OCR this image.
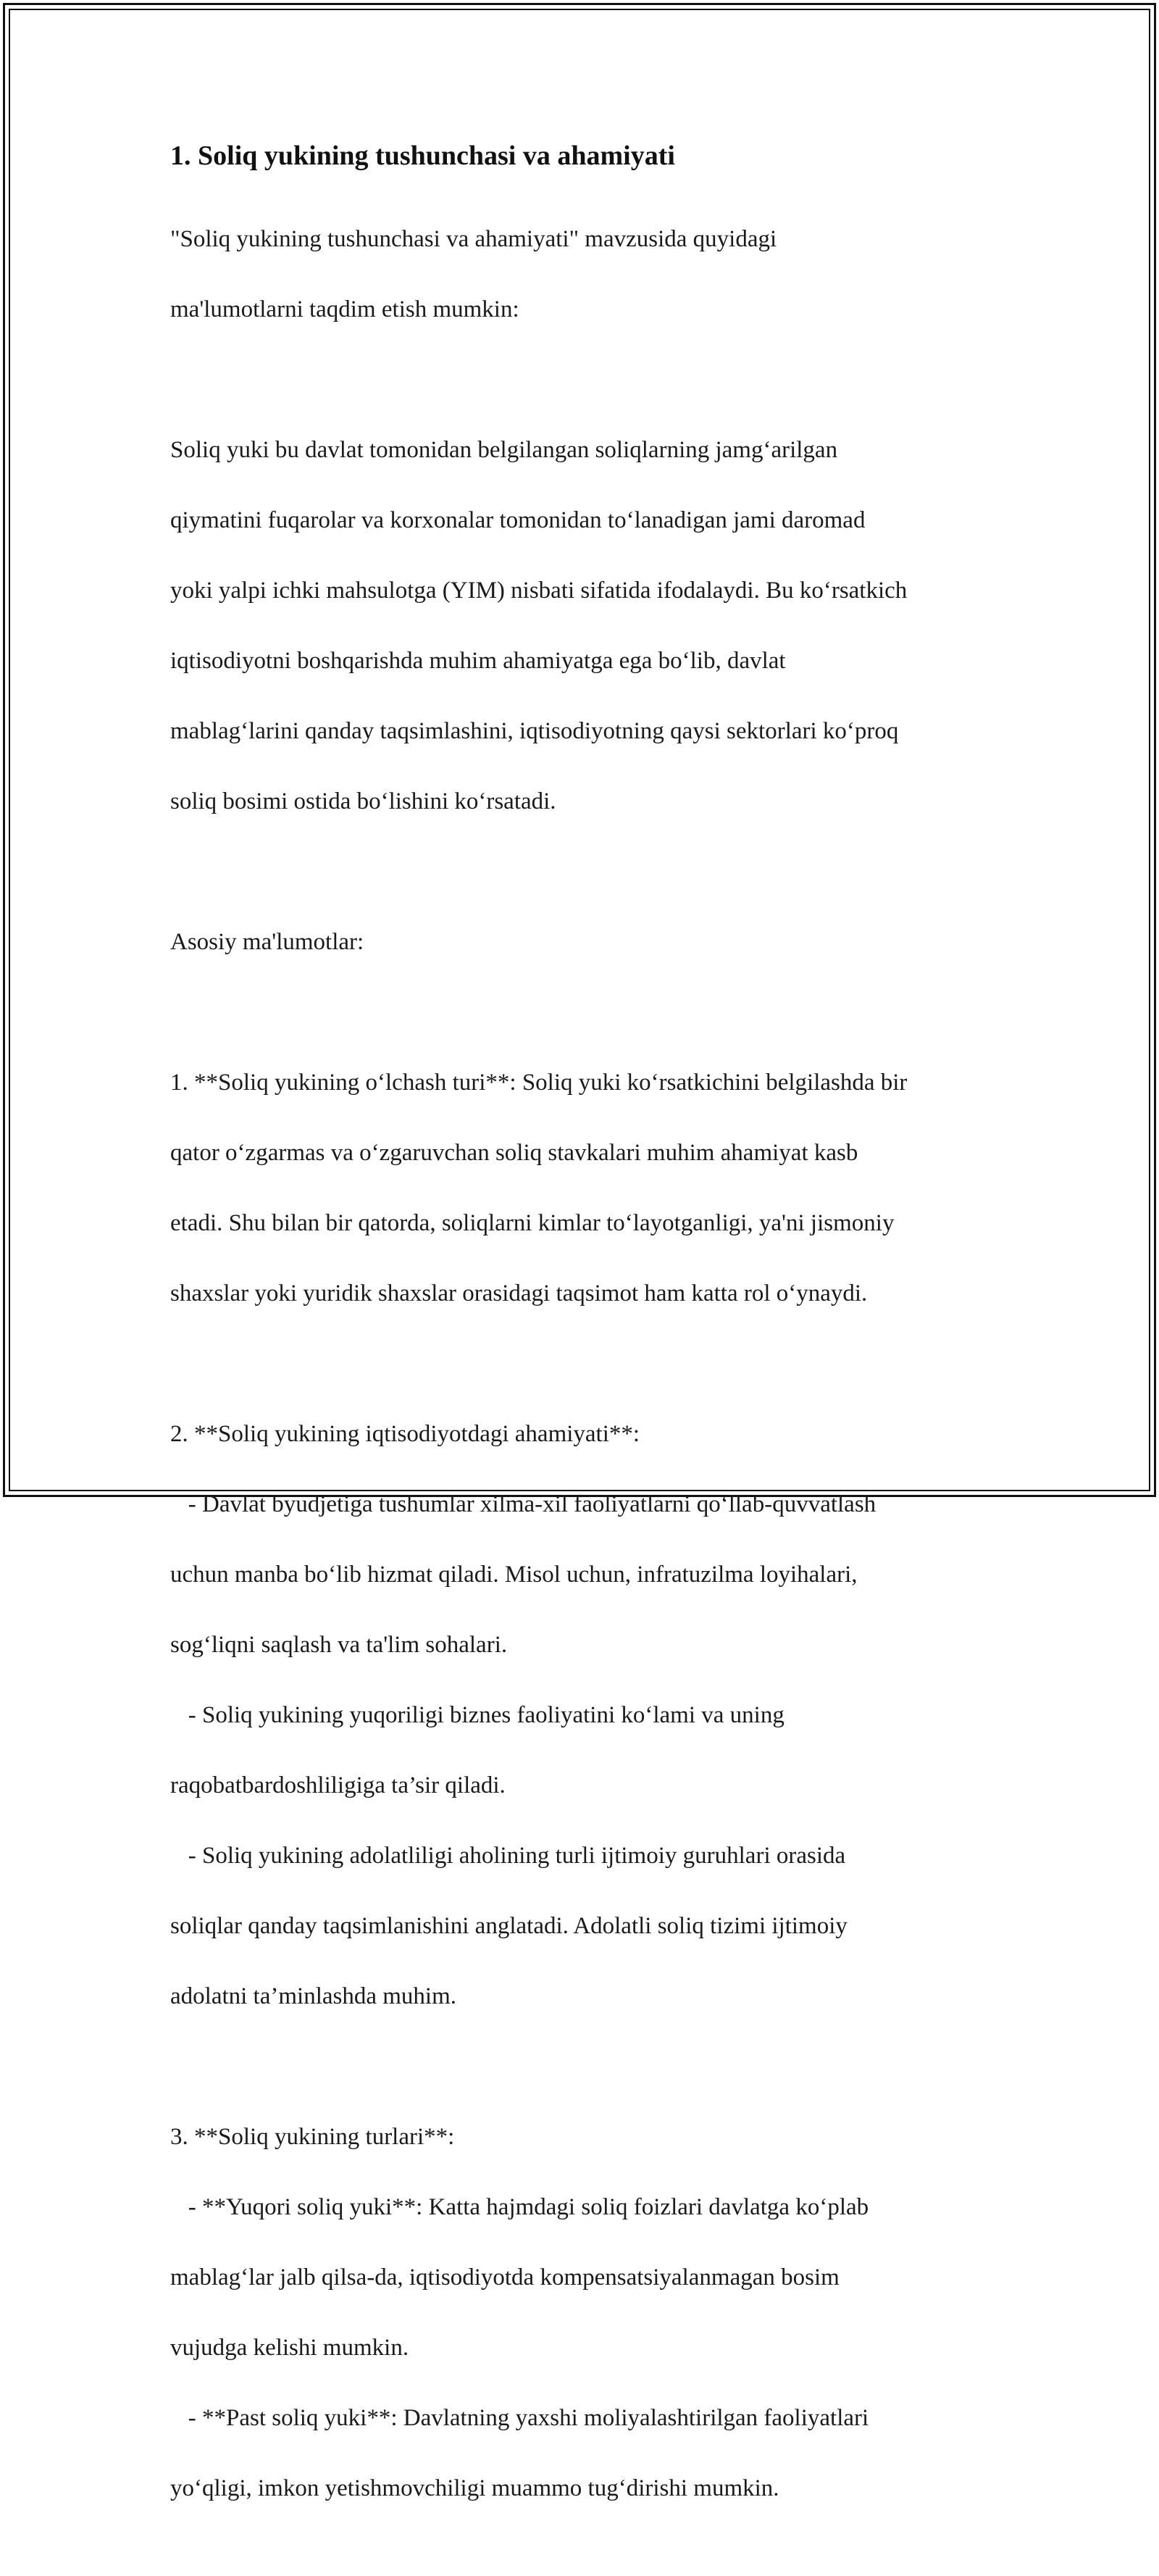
1. Soliq yukining tushunchasi va ahamiyati

"Soliq yukining tushunchasi va ahamiyati" mavzusida quyidagi

ma'lumotlarni taqdim etish mumkin:

Soliq yuki bu davlat tomonidan belgilangan soliqlarning jamg‘arilgan

qiymatini fuqarolar va korxonalar tomonidan to‘lanadigan jami daromad

yoki yalpi ichki mahsulotga (YIM) nisbati sifatida ifodalaydi. Bu ko‘rsatkich

iqtisodiyotni boshqarishda muhim ahamiyatga ega bo‘lib, davlat

mablag‘larini qanday taqsimlashini, iqtisodiyotning qaysi sektorlari ko‘proq

soliq bosimi ostida bo‘lishini ko‘rsatadi.

Asosiy ma'lumotlar:

1. **Soliq yukining o‘lchash turi**: Soliq yuki ko‘rsatkichini belgilashda bir

qator o‘zgarmas va o‘zgaruvchan soliq stavkalari muhim ahamiyat kasb

etadi. Shu bilan bir qatorda, soliqlarni kimlar to‘layotganligi, ya'ni jismoniy

shaxslar yoki yuridik shaxslar orasidagi taqsimot ham katta rol o‘ynaydi.

2. **Soliq yukining iqtisodiyotdagi ahamiyati**:

- Davlat byudjetiga tushumlar xilma-xil faoliyatlarni qo‘llab-quvvatlash

uchun manba bo‘lib hizmat qiladi. Misol uchun, infratuzilma loyihalari,

sog‘liqni saqlash va ta'lim sohalari.

- Soliq yukining yuqoriligi biznes faoliyatini ko‘lami va uning

raqobatbardoshliligiga ta’sir qiladi.

- Soliq yukining adolatliligi aholining turli ijtimoiy guruhlari orasida

soliqlar qanday taqsimlanishini anglatadi. Adolatli soliq tizimi ijtimoiy

adolatni ta’minlashda muhim.

3. **Soliq yukining turlari**:

- **Yuqori soliq yuki**: Katta hajmdagi soliq foizlari davlatga ko‘plab

mablag‘lar jalb qilsa-da, iqtisodiyotda kompensatsiyalanmagan bosim

vujudga kelishi mumkin.

- **Past soliq yuki**: Davlatning yaxshi moliyalashtirilgan faoliyatlari

yo‘qligi, imkon yetishmovchiligi muammo tug‘dirishi mumkin.
